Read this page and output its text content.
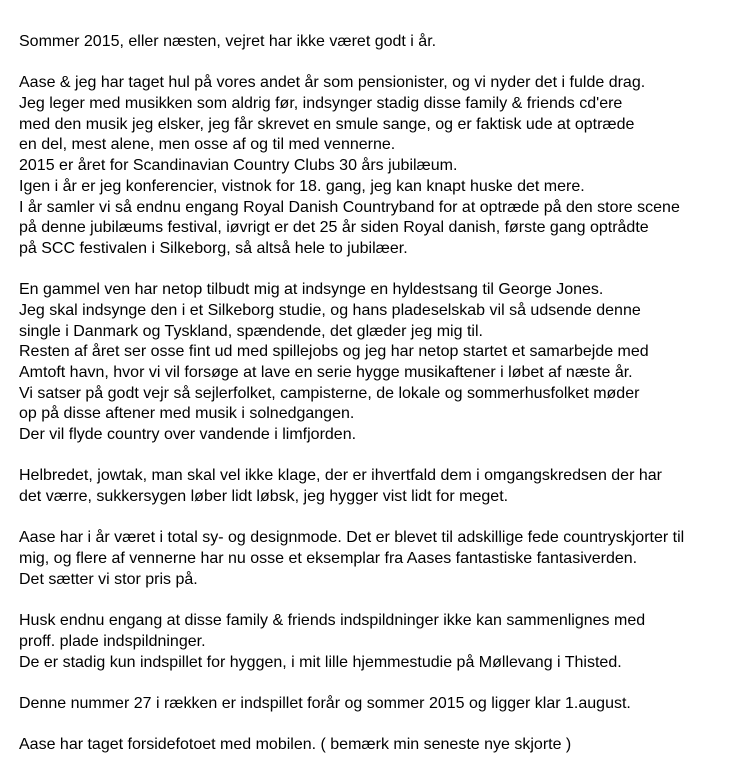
Sommer 2015, eller næsten, vejret har ikke været godt i år.
Aase & jeg har taget hul på vores andet år som pensionister, og vi nyder det i fulde drag.
Jeg leger med musikken som aldrig før, indsynger stadig disse family & friends cd'ere
med den musik jeg elsker, jeg får skrevet en smule sange, og er faktisk ude at optræde
en del, mest alene, men osse af og til med vennerne.
2015 er året for Scandinavian Country Clubs 30 års jubilæum.
Igen i år er jeg konferencier, vistnok for 18. gang, jeg kan knapt huske det mere.
I år samler vi så endnu engang Royal Danish Countryband for at optræde på den store scene
på denne jubilæums festival, iøvrigt er det 25 år siden Royal danish, første gang optrådte
på SCC festivalen i Silkeborg, så altså hele to jubilæer.
En gammel ven har netop tilbudt mig at indsynge en hyldestsang til George Jones.
Jeg skal indsynge den i et Silkeborg studie, og hans pladeselskab vil så udsende denne
single i Danmark og Tyskland, spændende, det glæder jeg mig til.
Resten af året ser osse fint ud med spillejobs og jeg har netop startet et samarbejde med
Amtoft havn, hvor vi vil forsøge at lave en serie hygge musikaftener i løbet af næste år.
Vi satser på godt vejr så sejlerfolket, campisterne, de lokale og sommerhusfolket møder
op på disse aftener med musik i solnedgangen.
Der vil flyde country over vandende i limfjorden.
Helbredet, jowtak, man skal vel ikke klage, der er ihvertfald dem i omgangskredsen der har
det værre, sukkersygen løber lidt løbsk, jeg hygger vist lidt for meget.
Aase har i år været i total sy- og designmode. Det er blevet til adskillige fede countryskjorter til
mig, og flere af vennerne har nu osse et eksemplar fra Aases fantastiske fantasiverden.
Det sætter vi stor pris på.
Husk endnu engang at disse family & friends indspildninger ikke kan sammenlignes med
proff. plade indspildninger.
De er stadig kun indspillet for hyggen, i mit lille hjemmestudie på Møllevang i Thisted.
Denne nummer 27 i rækken er indspillet forår og sommer 2015 og ligger klar 1.august.
Aase har taget forsidefotoet med mobilen. ( bemærk min seneste nye skjorte )
